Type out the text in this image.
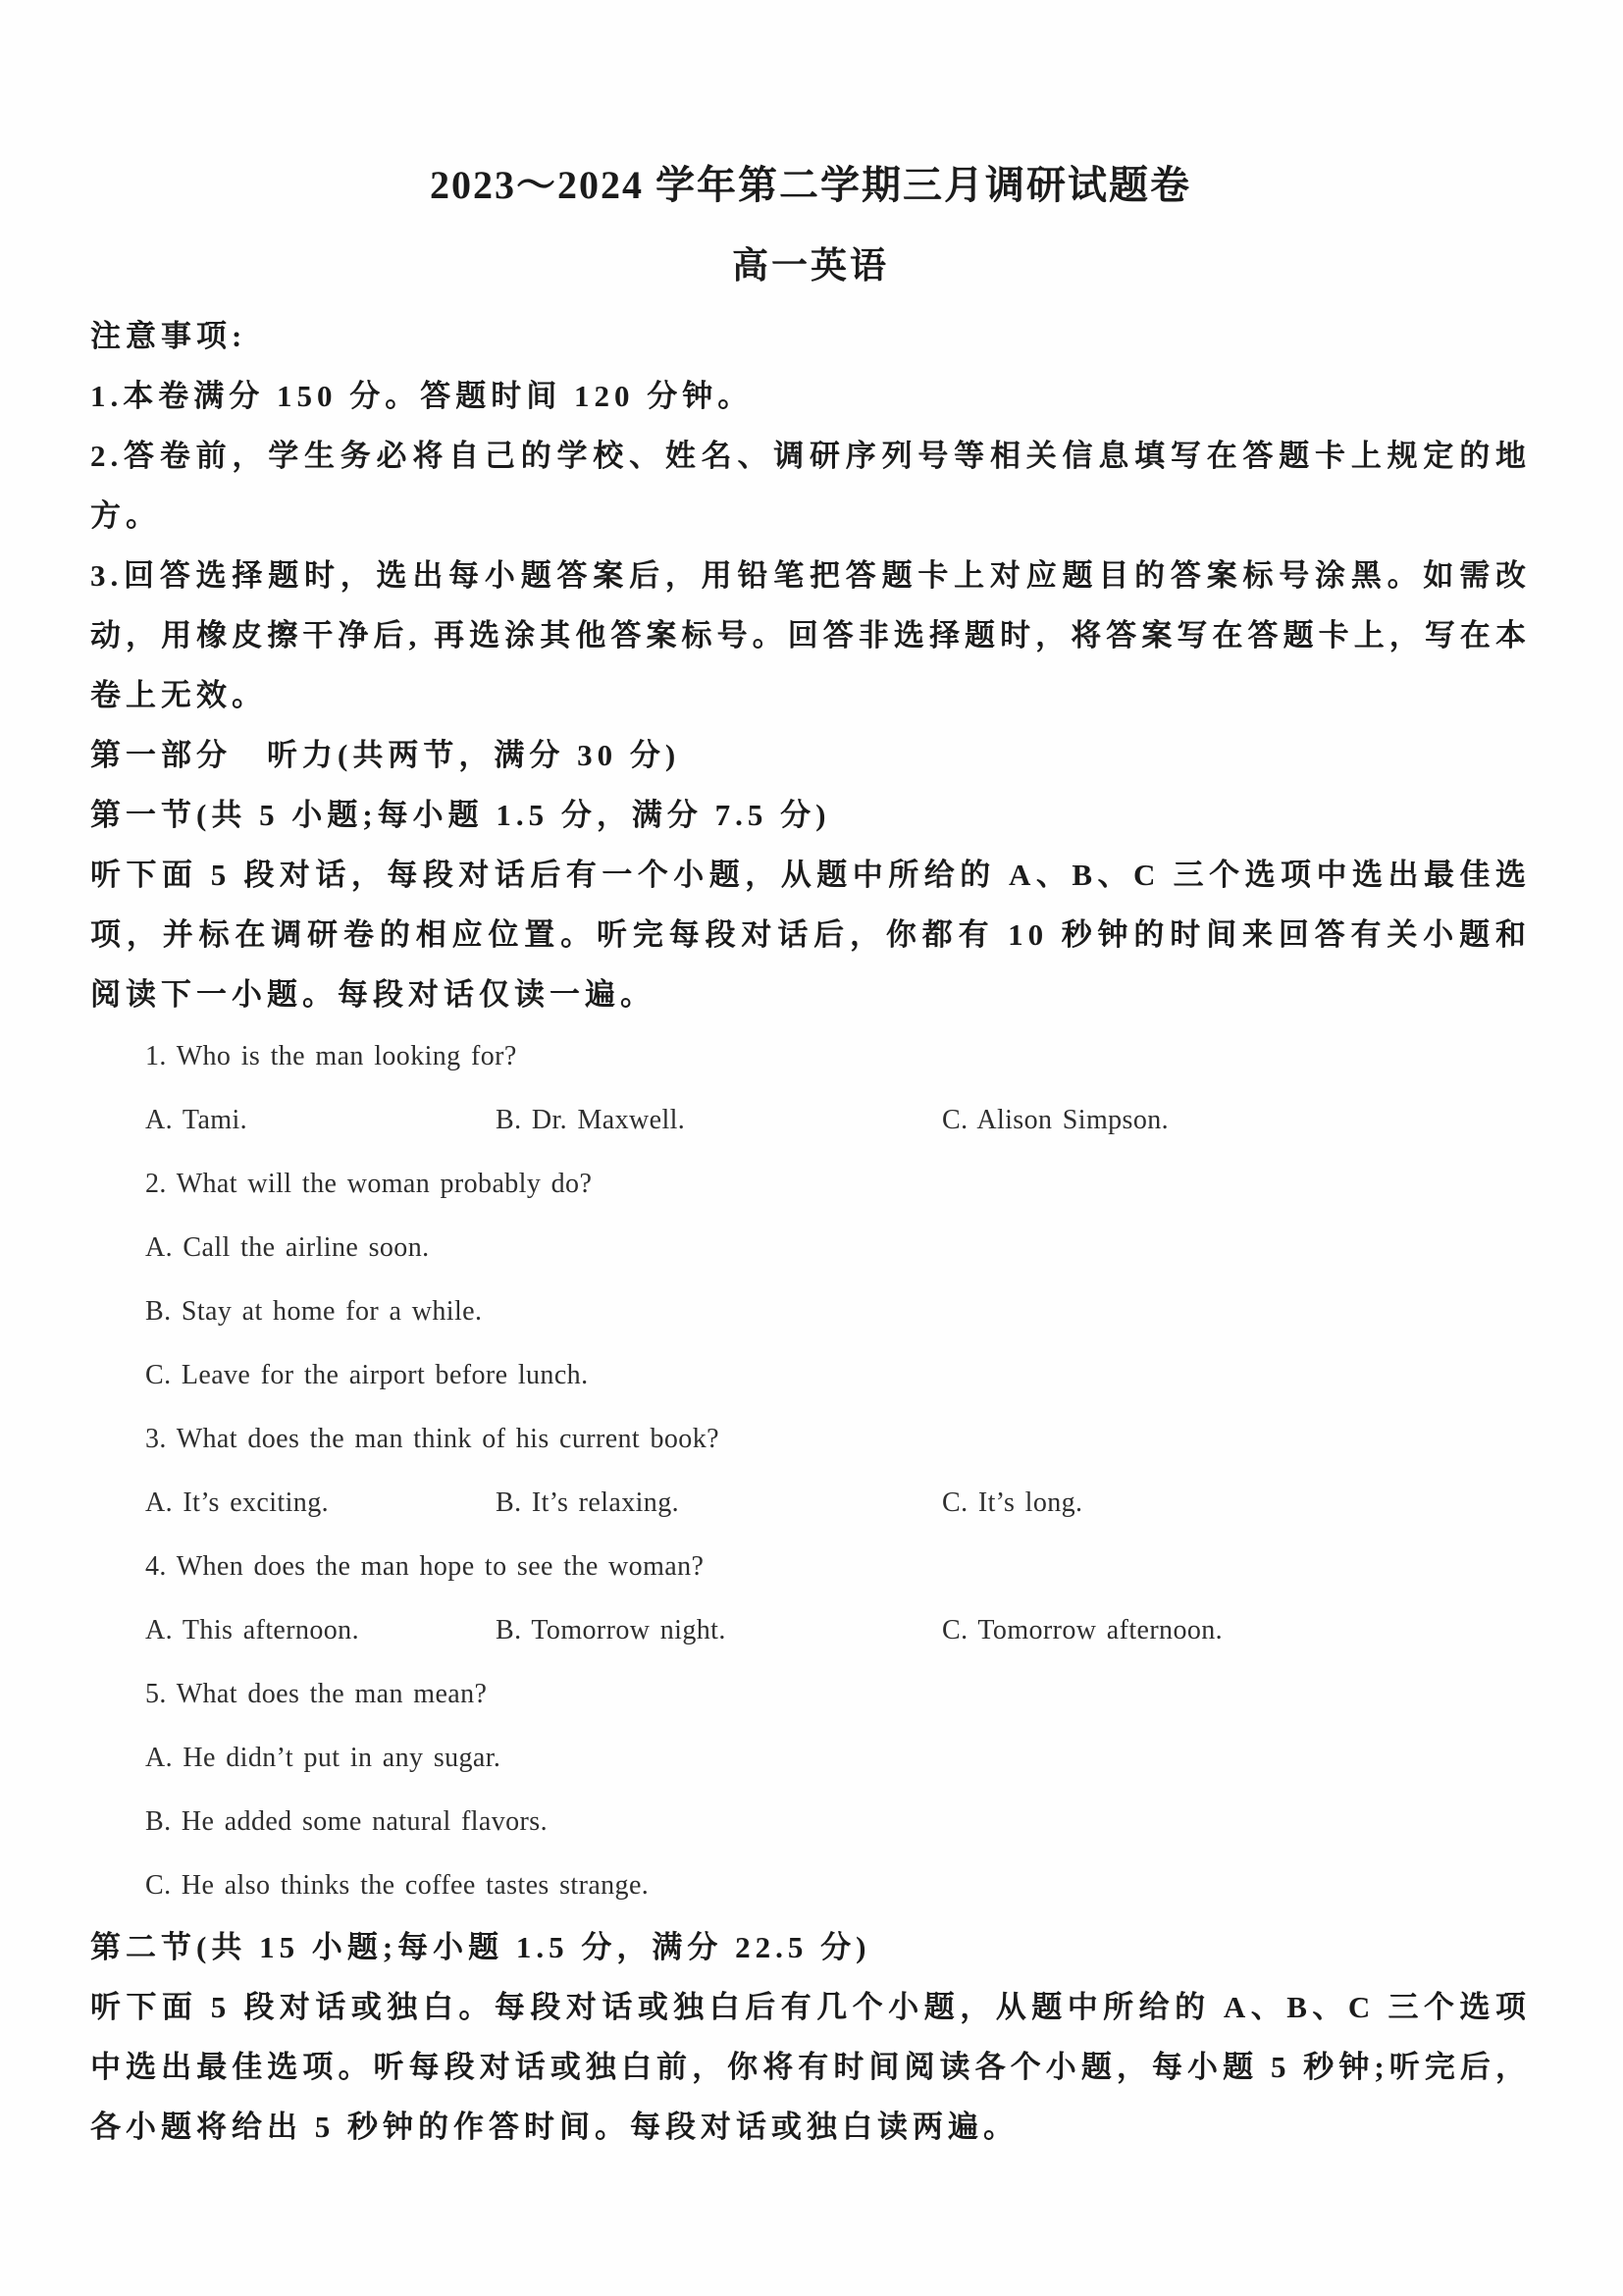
2023～2024 学年第二学期三月调研试题卷
高一英语
注意事项:

1.本卷满分 150 分。答题时间 120 分钟。

2.答卷前，学生务必将自己的学校、姓名、调研序列号等相关信息填写在答题卡上规定的地方。

3.回答选择题时，选出每小题答案后，用铅笔把答题卡上对应题目的答案标号涂黑。如需改动，用橡皮擦干净后, 再选涂其他答案标号。回答非选择题时，将答案写在答题卡上，写在本卷上无效。

第一部分　听力(共两节，满分 30 分)
第一节(共 5 小题;每小题 1.5 分，满分 7.5 分)

听下面 5 段对话，每段对话后有一个小题，从题中所给的 A、B、C 三个选项中选出最佳选项，并标在调研卷的相应位置。听完每段对话后，你都有 10 秒钟的时间来回答有关小题和阅读下一小题。每段对话仅读一遍。

1. Who is the man looking for?
A. Tami.	B. Dr. Maxwell.	C. Alison Simpson.
2. What will the woman probably do?
A. Call the airline soon.
B. Stay at home for a while.
C. Leave for the airport before lunch.
3. What does the man think of his current book?
A. It’s exciting.	B. It’s relaxing.	C. It’s long.
4. When does the man hope to see the woman?
A. This afternoon.	B. Tomorrow night.	C. Tomorrow afternoon.
5. What does the man mean?
A. He didn’t put in any sugar.
B. He added some natural flavors.
C. He also thinks the coffee tastes strange.
第二节(共 15 小题;每小题 1.5 分，满分 22.5 分)

听下面 5 段对话或独白。每段对话或独白后有几个小题，从题中所给的 A、B、C 三个选项中选出最佳选项。听每段对话或独白前，你将有时间阅读各个小题，每小题 5 秒钟;听完后，各小题将给出 5 秒钟的作答时间。每段对话或独白读两遍。
